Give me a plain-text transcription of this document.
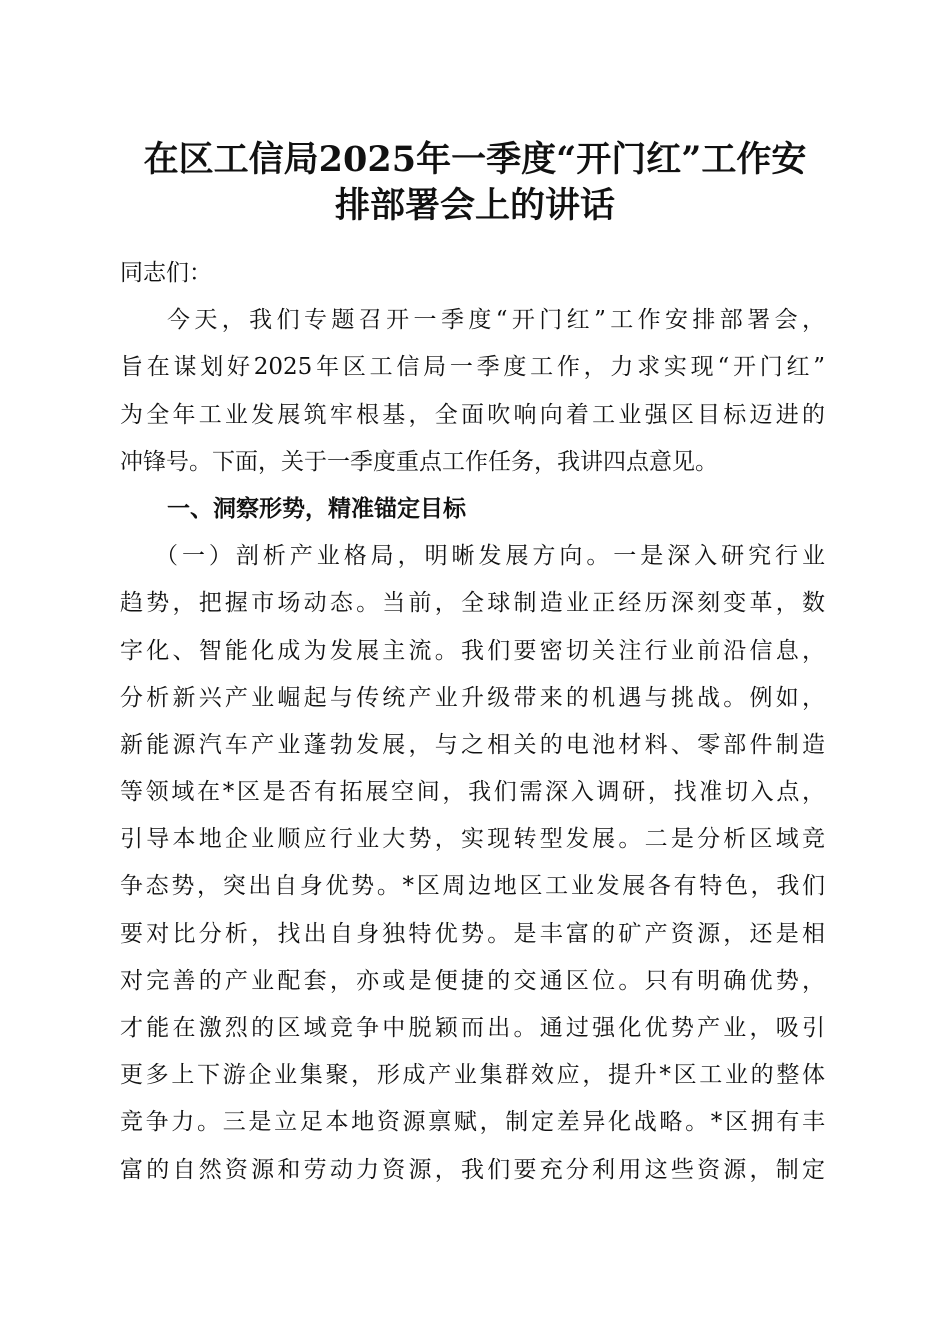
在区工信局2025年一季度“开门红”工作安
排部署会上的讲话
同志们：
今天，我们专题召开一季度“开门红”工作安排部署会，
旨在谋划好2025年区工信局一季度工作，力求实现“开门红”
为全年工业发展筑牢根基，全面吹响向着工业强区目标迈进的
冲锋号。下面，关于一季度重点工作任务，我讲四点意见。
一、洞察形势，精准锚定目标
（一）剖析产业格局，明晰发展方向。一是深入研究行业
趋势，把握市场动态。当前，全球制造业正经历深刻变革，数
字化、智能化成为发展主流。我们要密切关注行业前沿信息，
分析新兴产业崛起与传统产业升级带来的机遇与挑战。例如，
新能源汽车产业蓬勃发展，与之相关的电池材料、零部件制造
等领域在*区是否有拓展空间，我们需深入调研，找准切入点，
引导本地企业顺应行业大势，实现转型发展。二是分析区域竞
争态势，突出自身优势。*区周边地区工业发展各有特色，我们
要对比分析，找出自身独特优势。是丰富的矿产资源，还是相
对完善的产业配套，亦或是便捷的交通区位。只有明确优势，
才能在激烈的区域竞争中脱颖而出。通过强化优势产业，吸引
更多上下游企业集聚，形成产业集群效应，提升*区工业的整体
竞争力。三是立足本地资源禀赋，制定差异化战略。*区拥有丰
富的自然资源和劳动力资源，我们要充分利用这些资源，制定
